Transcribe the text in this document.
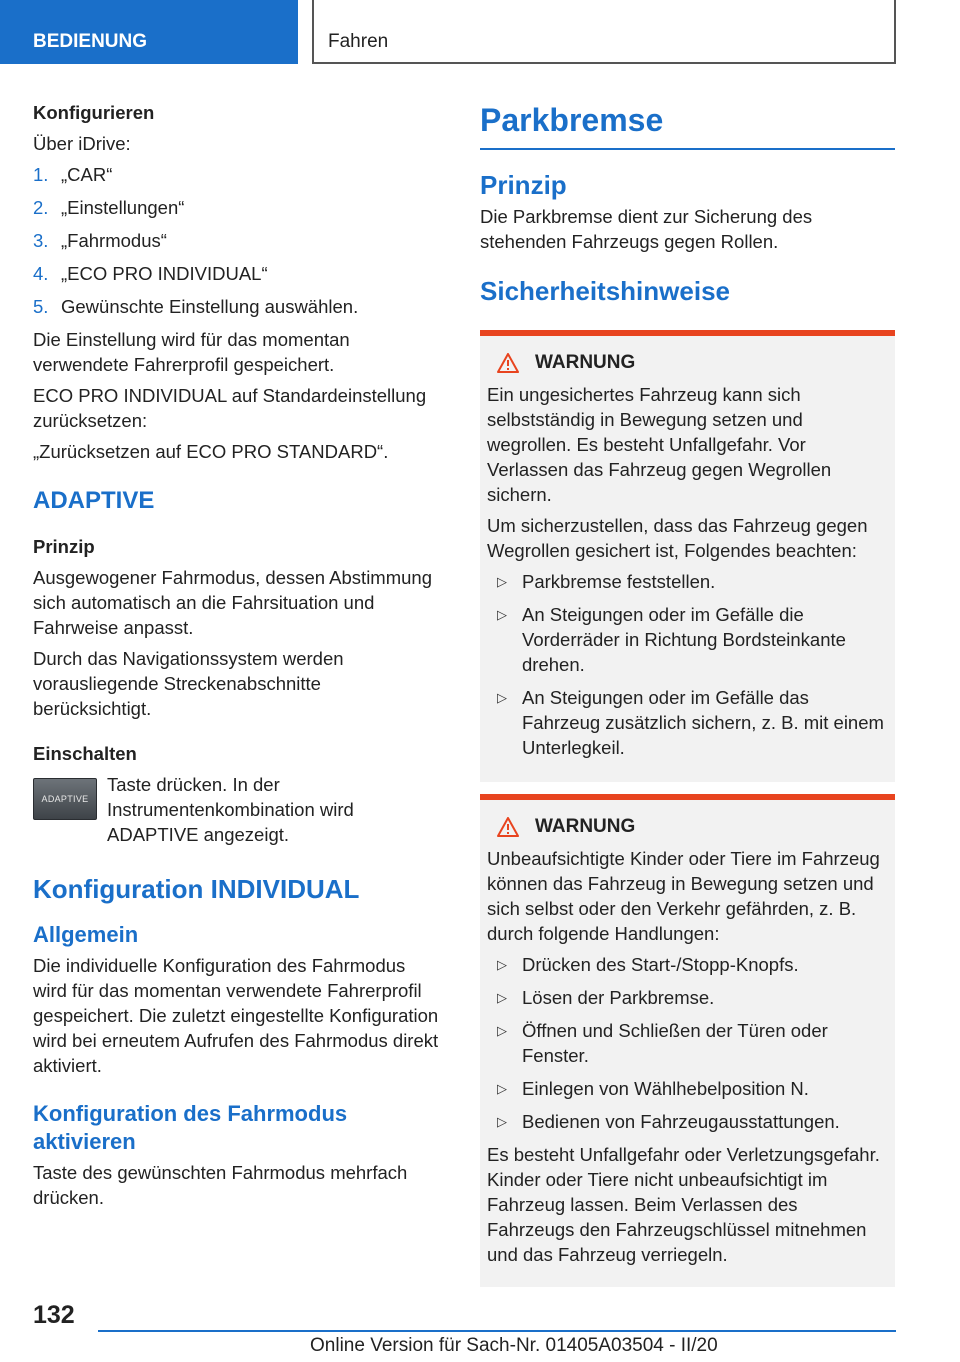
BEDIENUNG	Fahren
Konfigurieren

Über iDrive:

1. „CAR“
2. „Einstellungen“
3. „Fahrmodus“
4. „ECO PRO INDIVIDUAL“
5. Gewünschte Einstellung auswählen.

Die Einstellung wird für das momentan verwendete Fahrerprofil gespeichert.

ECO PRO INDIVIDUAL auf Standardeinstellung zurücksetzen:

„Zurücksetzen auf ECO PRO STANDARD“.

ADAPTIVE
Prinzip

Ausgewogener Fahrmodus, dessen Abstimmung sich automatisch an die Fahrsituation und Fahrweise anpasst.

Durch das Navigationssystem werden vorausliegende Streckenabschnitte berücksichtigt.

Einschalten
ADAPTIVE

Taste drücken. In der Instrumentenkombination wird ADAPTIVE angezeigt.

Konfiguration INDIVIDUAL
Allgemein

Die individuelle Konfiguration des Fahrmodus wird für das momentan verwendete Fahrerprofil gespeichert. Die zuletzt eingestellte Konfiguration wird bei erneutem Aufrufen des Fahrmodus direkt aktiviert.

Konfiguration des Fahrmodus aktivieren

Taste des gewünschten Fahrmodus mehrfach drücken.

Parkbremse
Prinzip

Die Parkbremse dient zur Sicherung des stehenden Fahrzeugs gegen Rollen.

Sicherheitshinweise
WARNUNG

Ein ungesichertes Fahrzeug kann sich selbstständig in Bewegung setzen und wegrollen. Es besteht Unfallgefahr. Vor Verlassen das Fahrzeug gegen Wegrollen sichern.

Um sicherzustellen, dass das Fahrzeug gegen Wegrollen gesichert ist, Folgendes beachten:

▷ Parkbremse feststellen.
▷ An Steigungen oder im Gefälle die Vorderräder in Richtung Bordsteinkante drehen.
▷ An Steigungen oder im Gefälle das Fahrzeug zusätzlich sichern, z. B. mit einem Unterlegkeil.
WARNUNG

Unbeaufsichtigte Kinder oder Tiere im Fahrzeug können das Fahrzeug in Bewegung setzen und sich selbst oder den Verkehr gefährden, z. B. durch folgende Handlungen:

▷ Drücken des Start-/Stopp-Knopfs.
▷ Lösen der Parkbremse.
▷ Öffnen und Schließen der Türen oder Fenster.
▷ Einlegen von Wählhebelposition N.
▷ Bedienen von Fahrzeugausstattungen.

Es besteht Unfallgefahr oder Verletzungsgefahr. Kinder oder Tiere nicht unbeaufsichtigt im Fahrzeug lassen. Beim Verlassen des Fahrzeugs den Fahrzeugschlüssel mitnehmen und das Fahrzeug verriegeln.

132
Online Version für Sach-Nr. 01405A03504 - II/20
